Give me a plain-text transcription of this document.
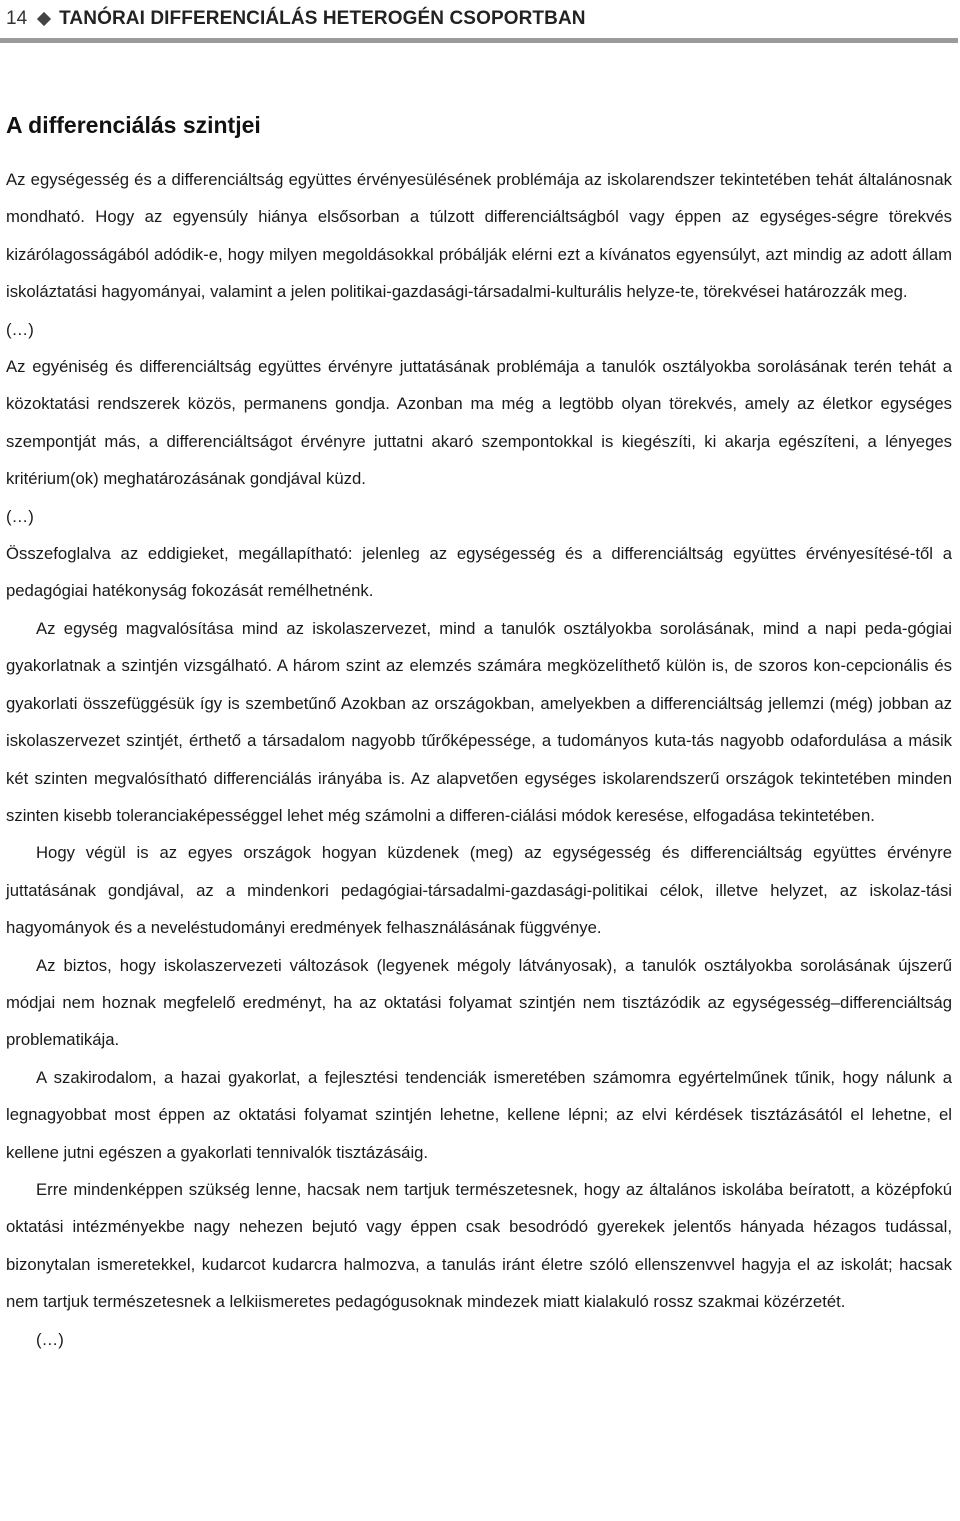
14 TANÓRAI DIFFERENCIÁLÁS HETEROGÉN CSOPORTBAN
A differenciálás szintjei

Az egységesség és a differenciáltság együttes érvényesülésének problémája az iskolarendszer tekintetében tehát általánosnak mondható. Hogy az egyensúly hiánya elsősorban a túlzott differenciáltságból vagy éppen az egységes-ségre törekvés kizárólagosságából adódik-e, hogy milyen megoldásokkal próbálják elérni ezt a kívánatos egyensúlyt, azt mindig az adott állam iskoláztatási hagyományai, valamint a jelen politikai-gazdasági-társadalmi-kulturális helyze-te, törekvései határozzák meg.

(…)

Az egyéniség és differenciáltság együttes érvényre juttatásának problémája a tanulók osztályokba sorolásának terén tehát a közoktatási rendszerek közös, permanens gondja. Azonban ma még a legtöbb olyan törekvés, amely az életkor egységes szempontját más, a differenciáltságot érvényre juttatni akaró szempontokkal is kiegészíti, ki akarja egészíteni, a lényeges kritérium(ok) meghatározásának gondjával küzd.

(…)

Összefoglalva az eddigieket, megállapítható: jelenleg az egységesség és a differenciáltság együttes érvényesítésé-től a pedagógiai hatékonyság fokozását remélhetnénk.

Az egység magvalósítása mind az iskolaszervezet, mind a tanulók osztályokba sorolásának, mind a napi peda-gógiai gyakorlatnak a szintjén vizsgálható. A három szint az elemzés számára megközelíthető külön is, de szoros kon-cepcionális és gyakorlati összefüggésük így is szembetűnő Azokban az országokban, amelyekben a differenciáltság jellemzi (még) jobban az iskolaszervezet szintjét, érthető a társadalom nagyobb tűrőképessége, a tudományos kuta-tás nagyobb odafordulása a másik két szinten megvalósítható differenciálás irányába is. Az alapvetően egységes iskolarendszerű országok tekintetében minden szinten kisebb toleranciaképességgel lehet még számolni a differen-ciálási módok keresése, elfogadása tekintetében.

Hogy végül is az egyes országok hogyan küzdenek (meg) az egységesség és differenciáltság együttes érvényre juttatásának gondjával, az a mindenkori pedagógiai-társadalmi-gazdasági-politikai célok, illetve helyzet, az iskolaz-tási hagyományok és a neveléstudományi eredmények felhasználásának függvénye.

Az biztos, hogy iskolaszervezeti változások (legyenek mégoly látványosak), a tanulók osztályokba sorolásának újszerű módjai nem hoznak megfelelő eredményt, ha az oktatási folyamat szintjén nem tisztázódik az egységesség–differenciáltság problematikája.

A szakirodalom, a hazai gyakorlat, a fejlesztési tendenciák ismeretében számomra egyértelműnek tűnik, hogy nálunk a legnagyobbat most éppen az oktatási folyamat szintjén lehetne, kellene lépni; az elvi kérdések tisztázásától el lehetne, el kellene jutni egészen a gyakorlati tennivalók tisztázásáig.

Erre mindenképpen szükség lenne, hacsak nem tartjuk természetesnek, hogy az általános iskolába beíratott, a középfokú oktatási intézményekbe nagy nehezen bejutó vagy éppen csak besodródó gyerekek jelentős hányada hézagos tudással, bizonytalan ismeretekkel, kudarcot kudarcra halmozva, a tanulás iránt életre szóló ellenszenvvel hagyja el az iskolát; hacsak nem tartjuk természetesnek a lelkiismeretes pedagógusoknak mindezek miatt kialakuló rossz szakmai közérzetét.

(…)
